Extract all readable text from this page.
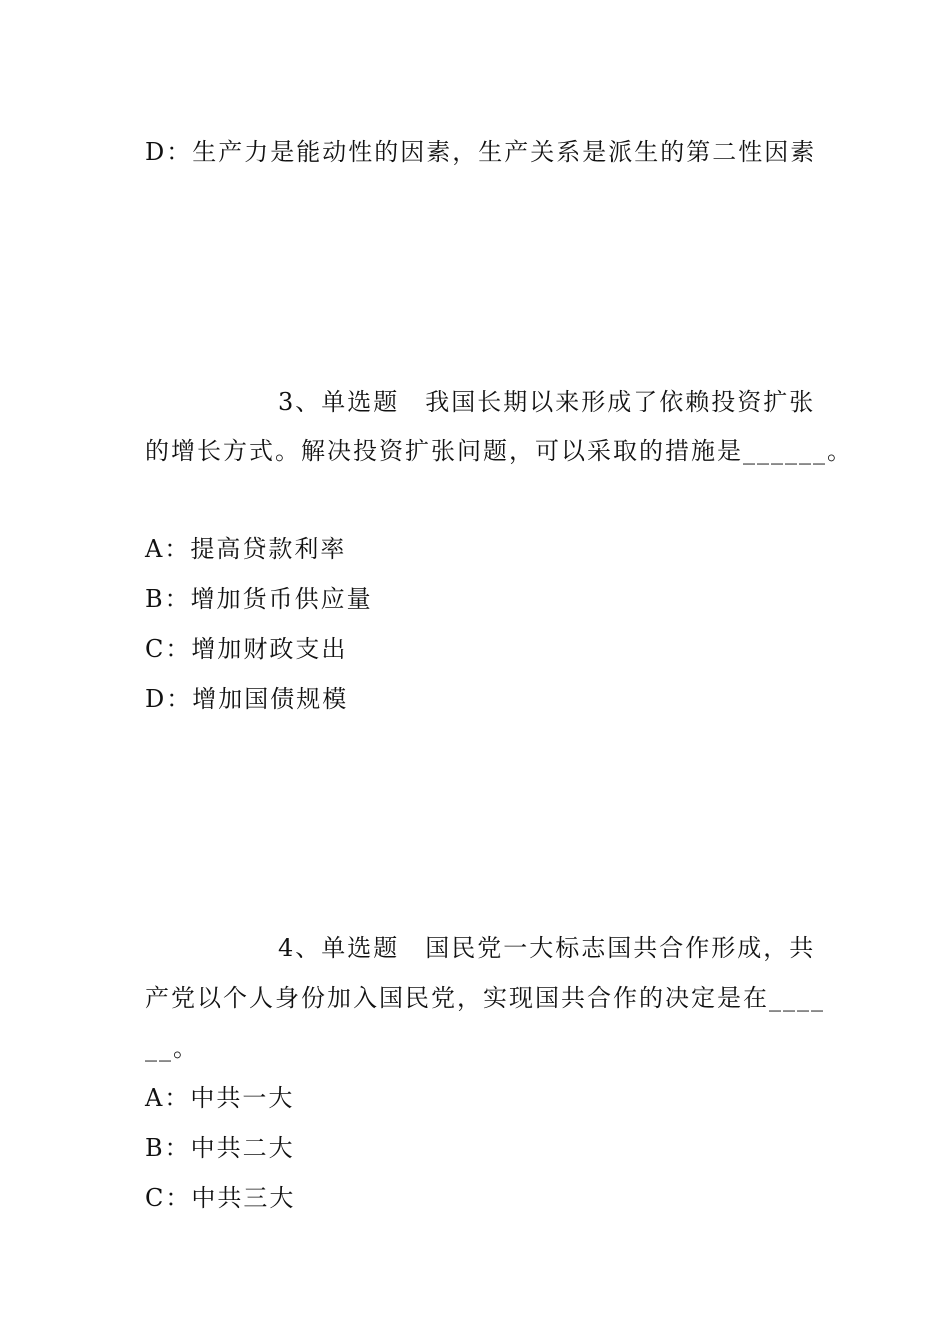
D：生产力是能动性的因素，生产关系是派生的第二性因素
3、单选题　我国长期以来形成了依赖投资扩张
的增长方式。解决投资扩张问题，可以采取的措施是______。
A：提高贷款利率
B：增加货币供应量
C：增加财政支出
D：增加国债规模
4、单选题　国民党一大标志国共合作形成，共
产党以个人身份加入国民党，实现国共合作的决定是在____
__。
A：中共一大
B：中共二大
C：中共三大
